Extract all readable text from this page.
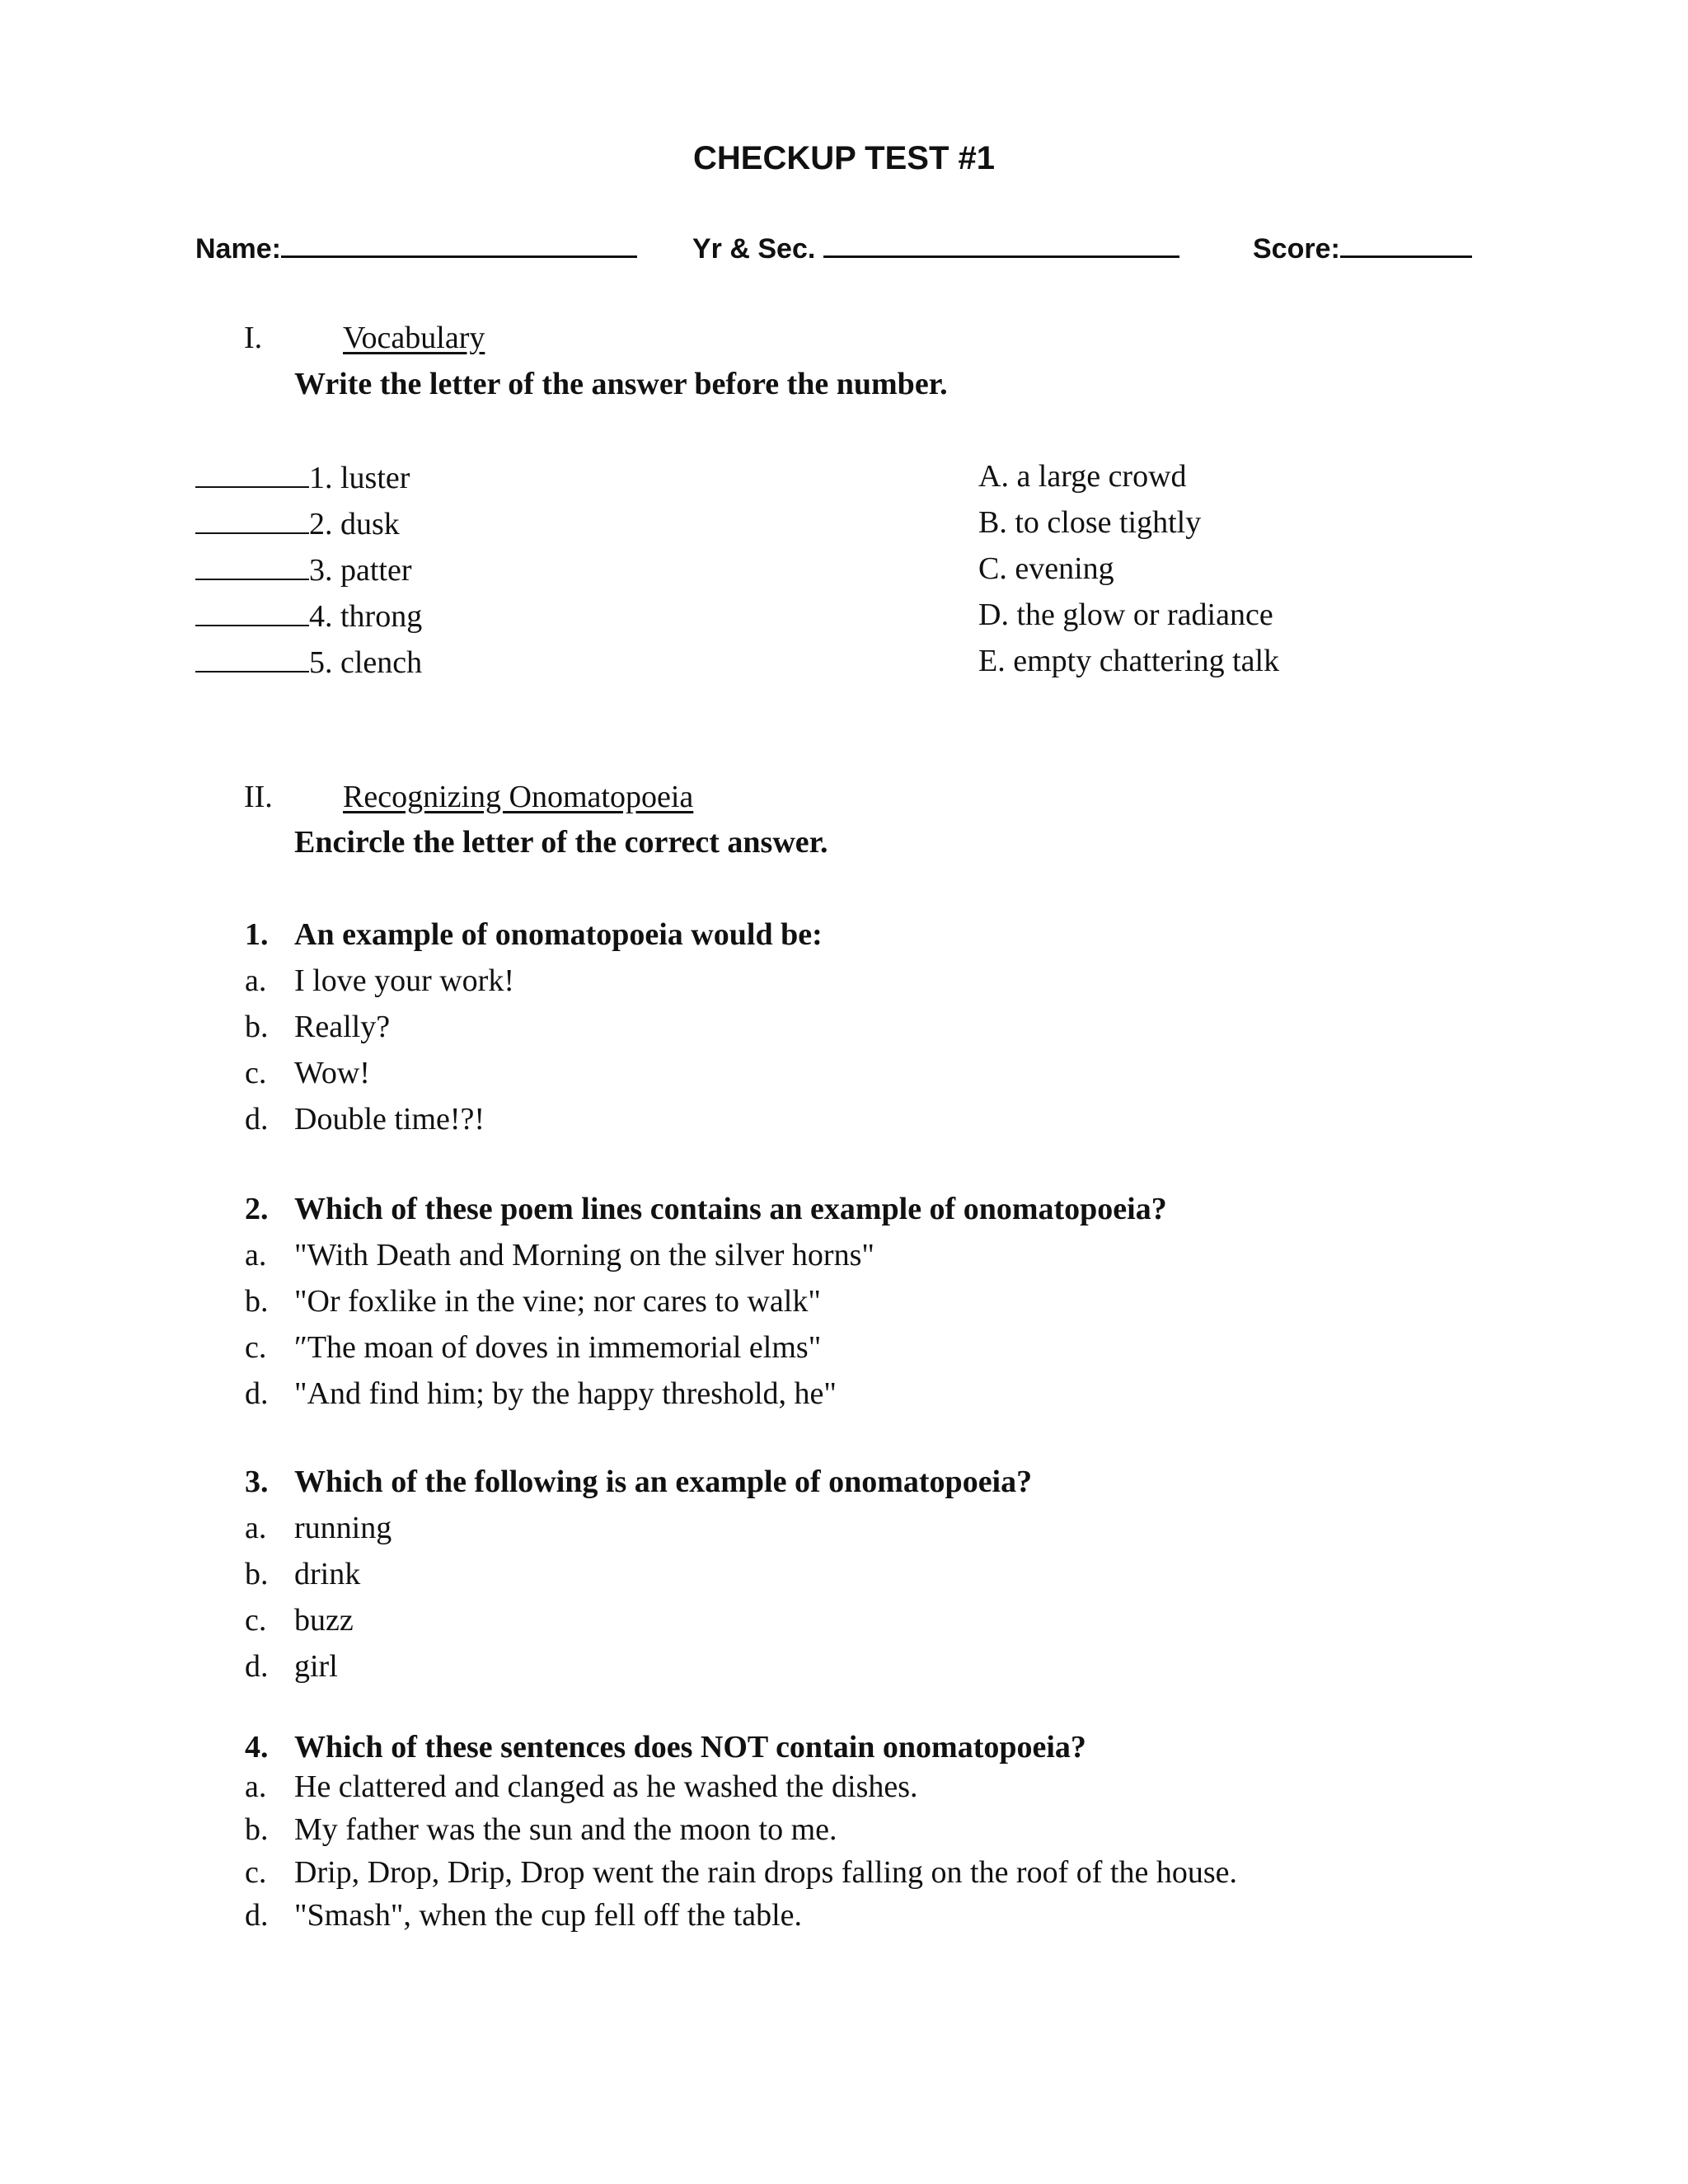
CHECKUP TEST #1
Name:	Yr & Sec.	Score:
I.	Vocabulary
Write the letter of the answer before the number.
1. luster	A. a large crowd
2. dusk	B. to close tightly
3. patter	C. evening
4. throng	D. the glow or radiance
5. clench	E. empty chattering talk
II. Recognizing Onomatopoeia
Encircle the letter of the correct answer.
1. An example of onomatopoeia would be:
a. I love your work!
b. Really?
c. Wow!
d. Double time!?!
2. Which of these poem lines contains an example of onomatopoeia?
a. "With Death and Morning on the silver horns"
b. "Or foxlike in the vine; nor cares to walk"
c. ″The moan of doves in immemorial elms"
d. "And find him; by the happy threshold, he"
3. Which of the following is an example of onomatopoeia?
a. running
b. drink
c. buzz
d. girl
4. Which of these sentences does NOT contain onomatopoeia?
a. He clattered and clanged as he washed the dishes.
b. My father was the sun and the moon to me.
c. Drip, Drop, Drip, Drop went the rain drops falling on the roof of the house.
d. "Smash", when the cup fell off the table.
